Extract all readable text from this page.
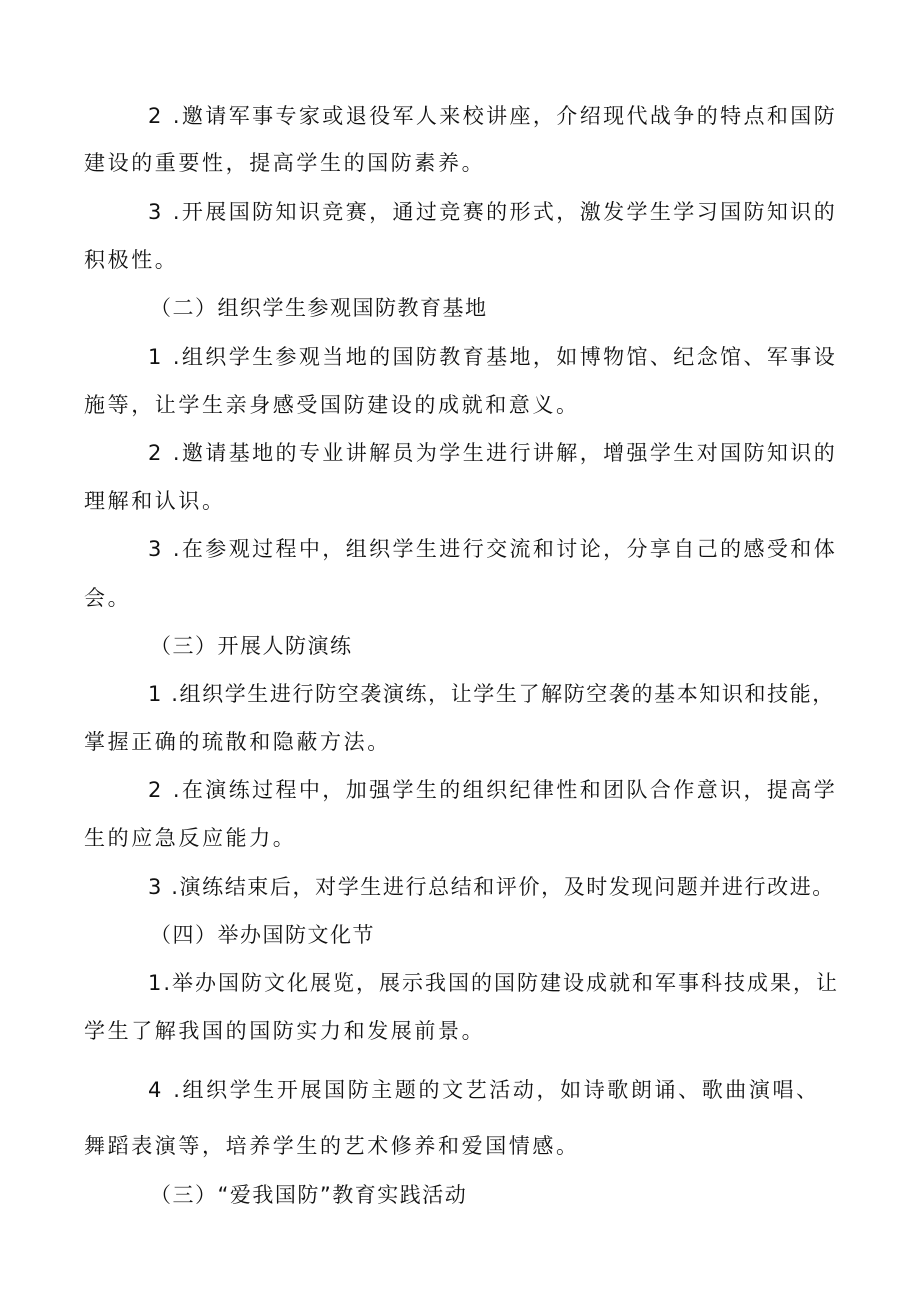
2 .邀请军事专家或退役军人来校讲座，介绍现代战争的特点和国防
建设的重要性，提高学生的国防素养。
3 .开展国防知识竞赛，通过竞赛的形式，激发学生学习国防知识的
积极性。
（二）组织学生参观国防教育基地
1 .组织学生参观当地的国防教育基地，如博物馆、纪念馆、军事设
施等，让学生亲身感受国防建设的成就和意义。
2 .邀请基地的专业讲解员为学生进行讲解，增强学生对国防知识的
理解和认识。
3 .在参观过程中，组织学生进行交流和讨论，分享自己的感受和体
会。
（三）开展人防演练
1 .组织学生进行防空袭演练，让学生了解防空袭的基本知识和技能，
掌握正确的琉散和隐蔽方法。
2 .在演练过程中，加强学生的组织纪律性和团队合作意识，提高学
生的应急反应能力。
3 .演练结束后，对学生进行总结和评价，及时发现问题并进行改进。
（四）举办国防文化节
1.举办国防文化展览，展示我国的国防建设成就和军事科技成果，让
学生了解我国的国防实力和发展前景。
4 .组织学生开展国防主题的文艺活动，如诗歌朗诵、歌曲演唱、
舞蹈表演等，培养学生的艺术修养和爱国情感。
（三）“爱我国防”教育实践活动
